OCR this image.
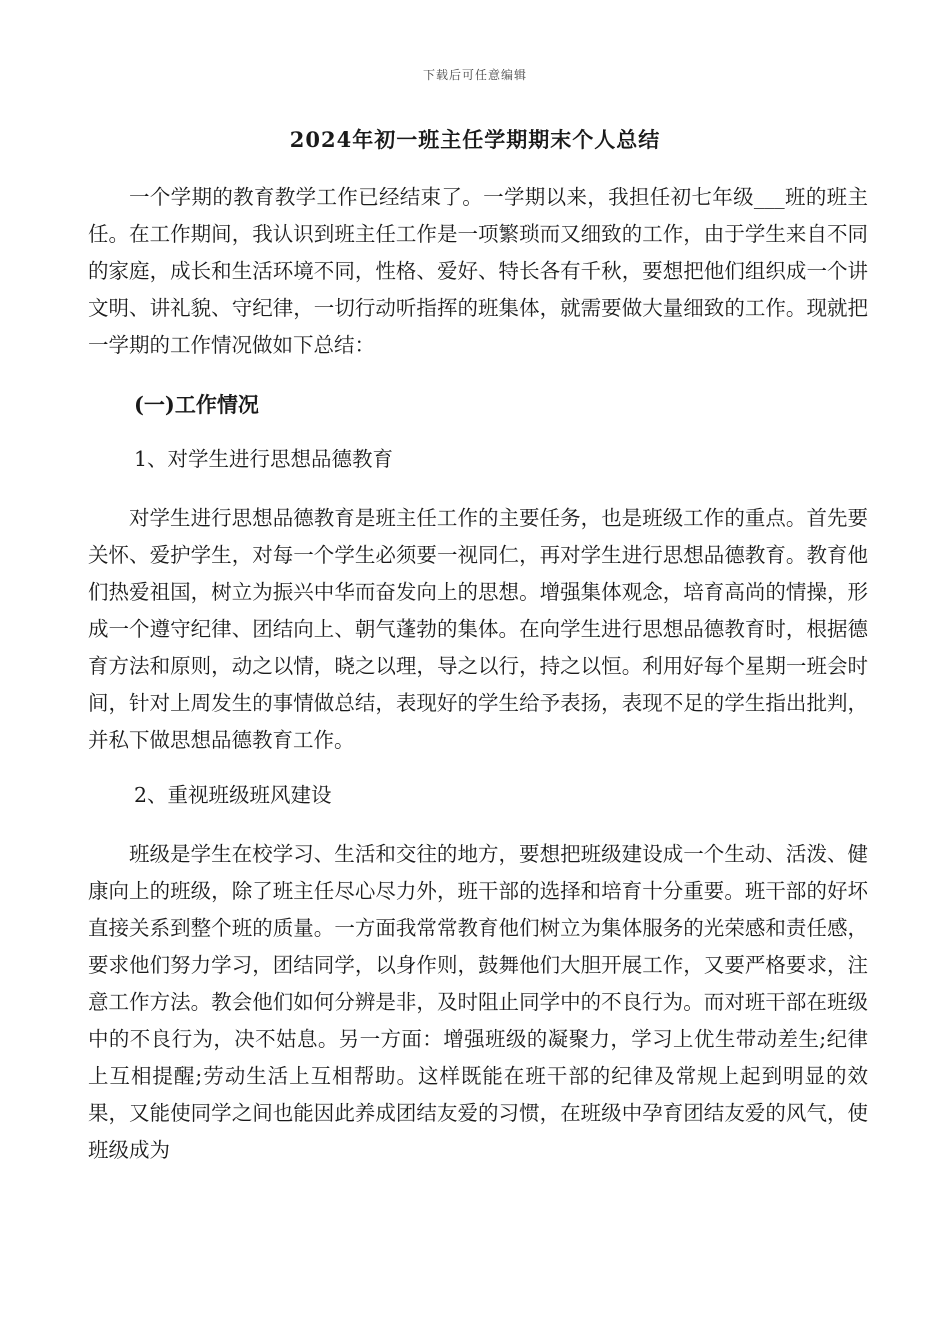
下载后可任意编辑
2024年初一班主任学期期末个人总结

一个学期的教育教学工作已经结束了。一学期以来，我担任初七年级___班的班主任。在工作期间，我认识到班主任工作是一项繁琐而又细致的工作，由于学生来自不同的家庭，成长和生活环境不同，性格、爱好、特长各有千秋，要想把他们组织成一个讲文明、讲礼貌、守纪律，一切行动听指挥的班集体，就需要做大量细致的工作。现就把一学期的工作情况做如下总结：

(一)工作情况
1、对学生进行思想品德教育

对学生进行思想品德教育是班主任工作的主要任务，也是班级工作的重点。首先要关怀、爱护学生，对每一个学生必须要一视同仁，再对学生进行思想品德教育。教育他们热爱祖国，树立为振兴中华而奋发向上的思想。增强集体观念，培育高尚的情操，形成一个遵守纪律、团结向上、朝气蓬勃的集体。在向学生进行思想品德教育时，根据德育方法和原则，动之以情，晓之以理，导之以行，持之以恒。利用好每个星期一班会时间，针对上周发生的事情做总结，表现好的学生给予表扬，表现不足的学生指出批判，并私下做思想品德教育工作。

2、重视班级班风建设

班级是学生在校学习、生活和交往的地方，要想把班级建设成一个生动、活泼、健康向上的班级，除了班主任尽心尽力外，班干部的选择和培育十分重要。班干部的好坏直接关系到整个班的质量。一方面我常常教育他们树立为集体服务的光荣感和责任感，要求他们努力学习，团结同学，以身作则，鼓舞他们大胆开展工作，又要严格要求，注意工作方法。教会他们如何分辨是非，及时阻止同学中的不良行为。而对班干部在班级中的不良行为，决不姑息。另一方面：增强班级的凝聚力，学习上优生带动差生;纪律上互相提醒;劳动生活上互相帮助。这样既能在班干部的纪律及常规上起到明显的效果，又能使同学之间也能因此养成团结友爱的习惯，在班级中孕育团结友爱的风气，使班级成为
